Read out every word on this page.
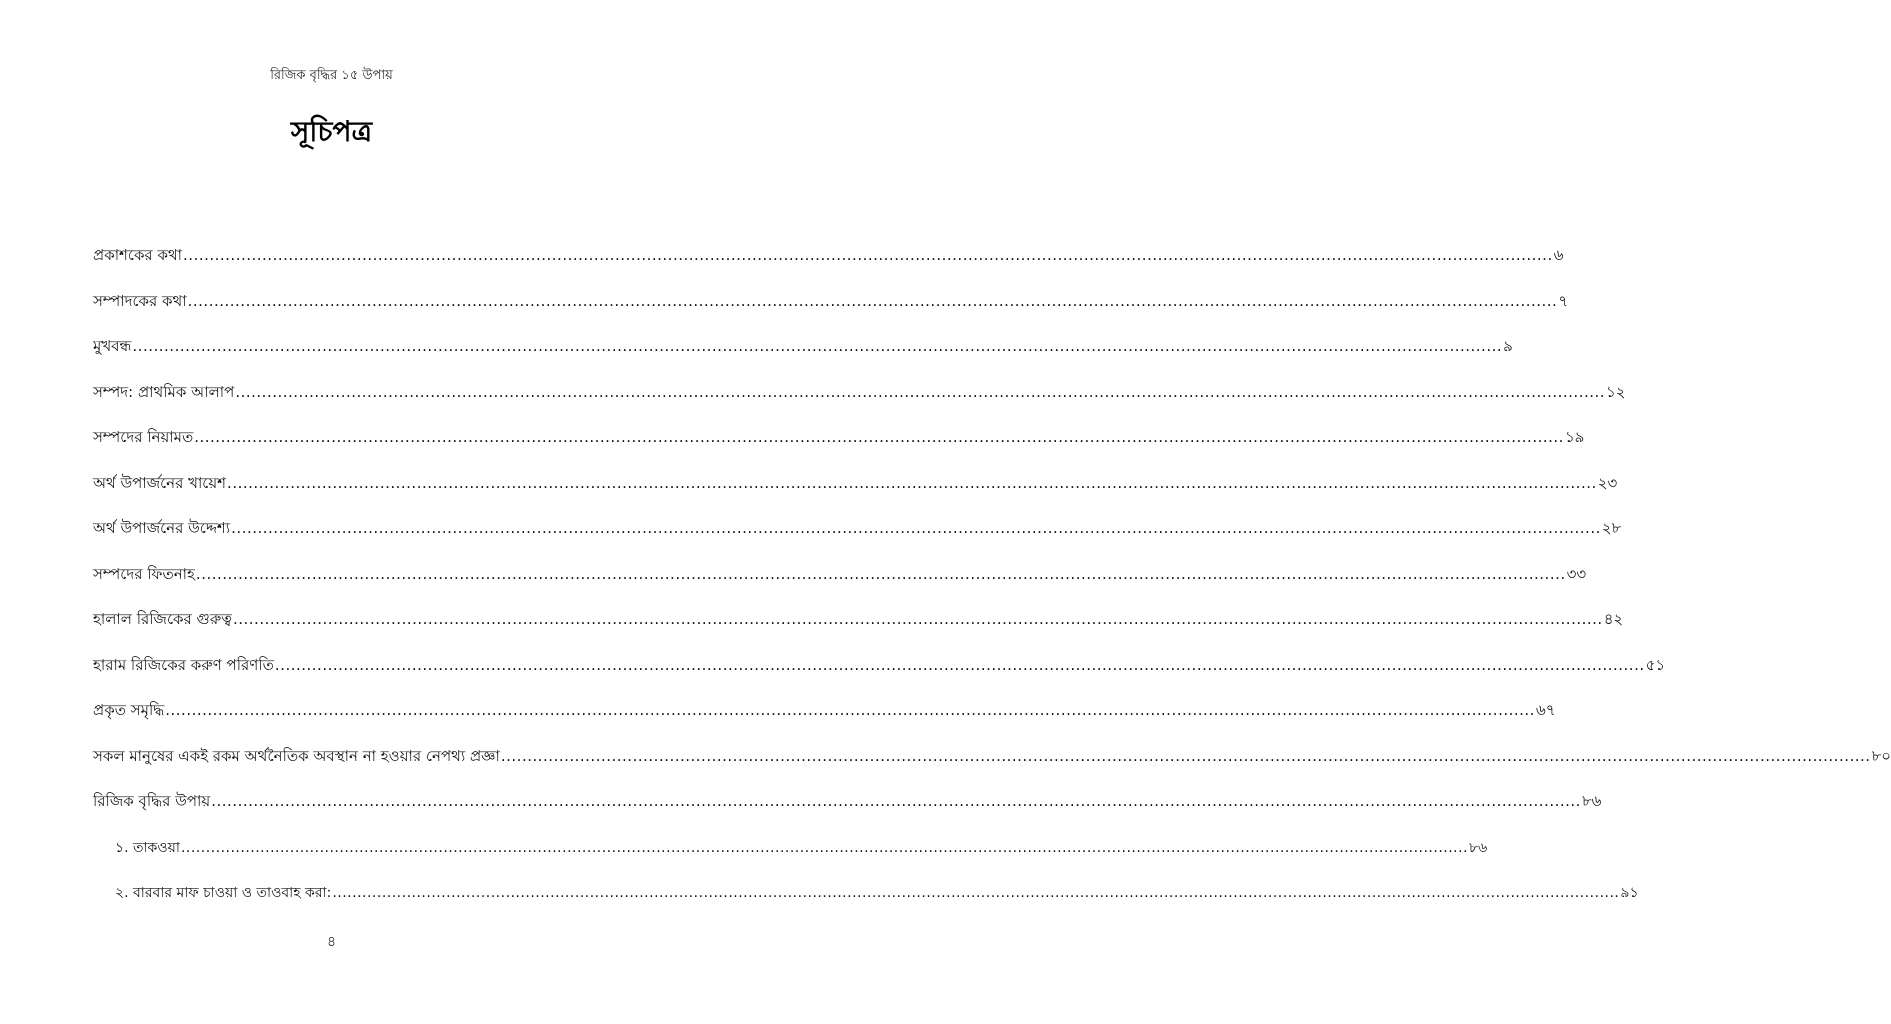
রিজিক বৃদ্ধির ১৫ উপায়
সূচিপত্র
প্রকাশকের কথা .....	৬
সম্পাদকের কথা .....	৭
মুখবন্ধ .....	৯
সম্পদ: প্রাথমিক আলাপ .....	১২
সম্পদের নিয়ামত .....	১৯
অর্থ উপার্জনের খায়েশ .....	২৩
অর্থ উপার্জনের উদ্দেশ্য .....	২৮
সম্পদের ফিতনাহ .....	৩৩
হালাল রিজিকের গুরুত্ব .....	৪২
হারাম রিজিকের করুণ পরিণতি .....	৫১
প্রকৃত সমৃদ্ধি .....	৬৭
সকল মানুষের একই রকম অর্থনৈতিক অবস্থান না হওয়ার নেপথ্য প্রজ্ঞা .....	৮০
রিজিক বৃদ্ধির উপায় .....	৮৬
১. তাকওয়া .....	৮৬
২. বারবার মাফ চাওয়া ও তাওবাহ করা: .....	৯১
৪
